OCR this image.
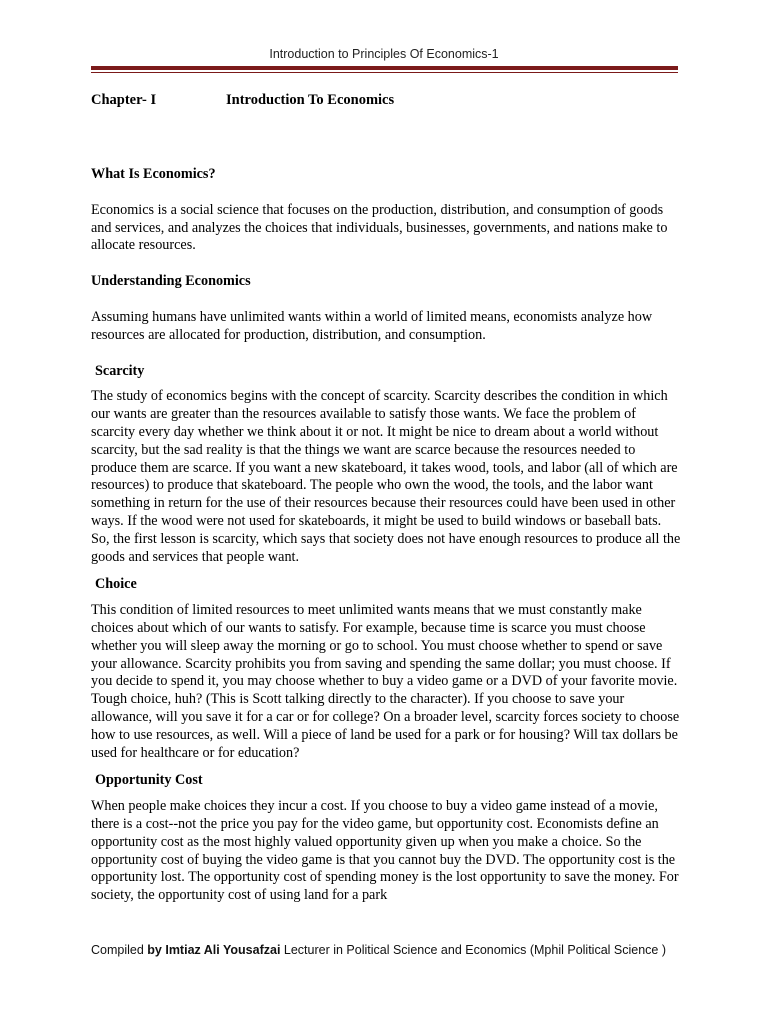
Introduction to Principles Of Economics-1
Chapter- I	Introduction To Economics

What Is Economics?

Economics is a social science that focuses on the production, distribution, and consumption of goods and services, and analyzes the choices that individuals, businesses, governments, and nations make to allocate resources.

Understanding Economics

Assuming humans have unlimited wants within a world of limited means, economists analyze how resources are allocated for production, distribution, and consumption.

Scarcity

The study of economics begins with the concept of scarcity. Scarcity describes the condition in which our wants are greater than the resources available to satisfy those wants. We face the problem of scarcity every day whether we think about it or not. It might be nice to dream about a world without scarcity, but the sad reality is that the things we want are scarce because the resources needed to produce them are scarce. If you want a new skateboard, it takes wood, tools, and labor (all of which are resources) to produce that skateboard. The people who own the wood, the tools, and the labor want something in return for the use of their resources because their resources could have been used in other ways. If the wood were not used for skateboards, it might be used to build windows or baseball bats. So, the first lesson is scarcity, which says that society does not have enough resources to produce all the goods and services that people want.

Choice

This condition of limited resources to meet unlimited wants means that we must constantly make choices about which of our wants to satisfy. For example, because time is scarce you must choose whether you will sleep away the morning or go to school. You must choose whether to spend or save your allowance. Scarcity prohibits you from saving and spending the same dollar; you must choose. If you decide to spend it, you may choose whether to buy a video game or a DVD of your favorite movie. Tough choice, huh? (This is Scott talking directly to the character). If you choose to save your allowance, will you save it for a car or for college? On a broader level, scarcity forces society to choose how to use resources, as well. Will a piece of land be used for a park or for housing? Will tax dollars be used for healthcare or for education?

Opportunity Cost

When people make choices they incur a cost. If you choose to buy a video game instead of a movie, there is a cost--not the price you pay for the video game, but opportunity cost. Economists define an opportunity cost as the most highly valued opportunity given up when you make a choice. So the opportunity cost of buying the video game is that you cannot buy the DVD. The opportunity cost is the opportunity lost. The opportunity cost of spending money is the lost opportunity to save the money. For society, the opportunity cost of using land for a park

Compiled by Imtiaz Ali Yousafzai Lecturer in Political Science and Economics (Mphil Political Science )
